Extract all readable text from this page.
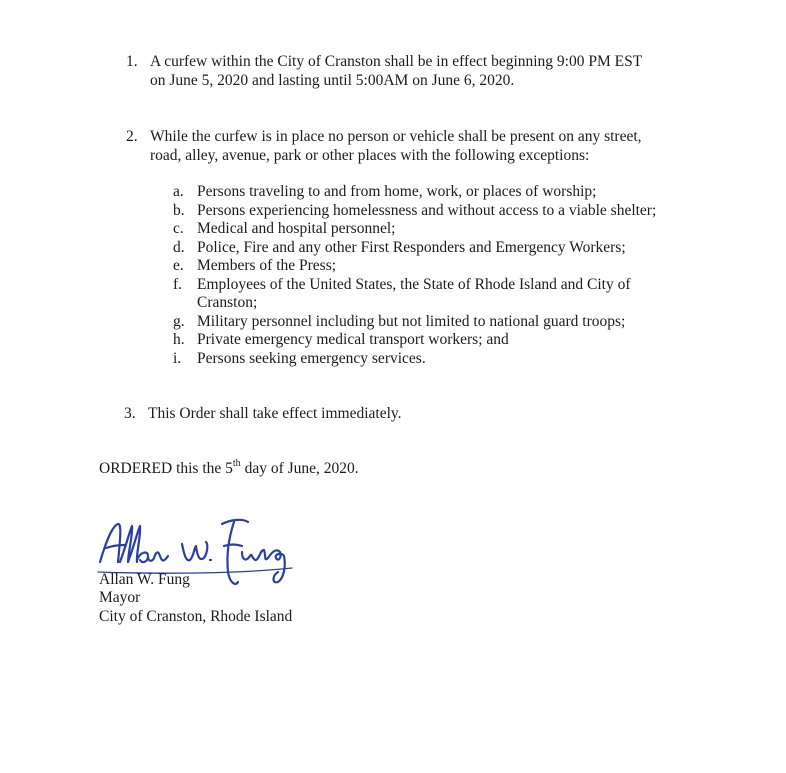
1. A curfew within the City of Cranston shall be in effect beginning 9:00 PM EST
on June 5, 2020 and lasting until 5:00AM on June 6, 2020.
2. While the curfew is in place no person or vehicle shall be present on any street,
road, alley, avenue, park or other places with the following exceptions:
a. Persons traveling to and from home, work, or places of worship;
b. Persons experiencing homelessness and without access to a viable shelter;
c. Medical and hospital personnel;
d. Police, Fire and any other First Responders and Emergency Workers;
e. Members of the Press;
f. Employees of the United States, the State of Rhode Island and City of
Cranston;
g. Military personnel including but not limited to national guard troops;
h. Private emergency medical transport workers; and
i. Persons seeking emergency services.
3. This Order shall take effect immediately.
ORDERED this the 5th day of June, 2020.
Allan W. Fung
Mayor
City of Cranston, Rhode Island
